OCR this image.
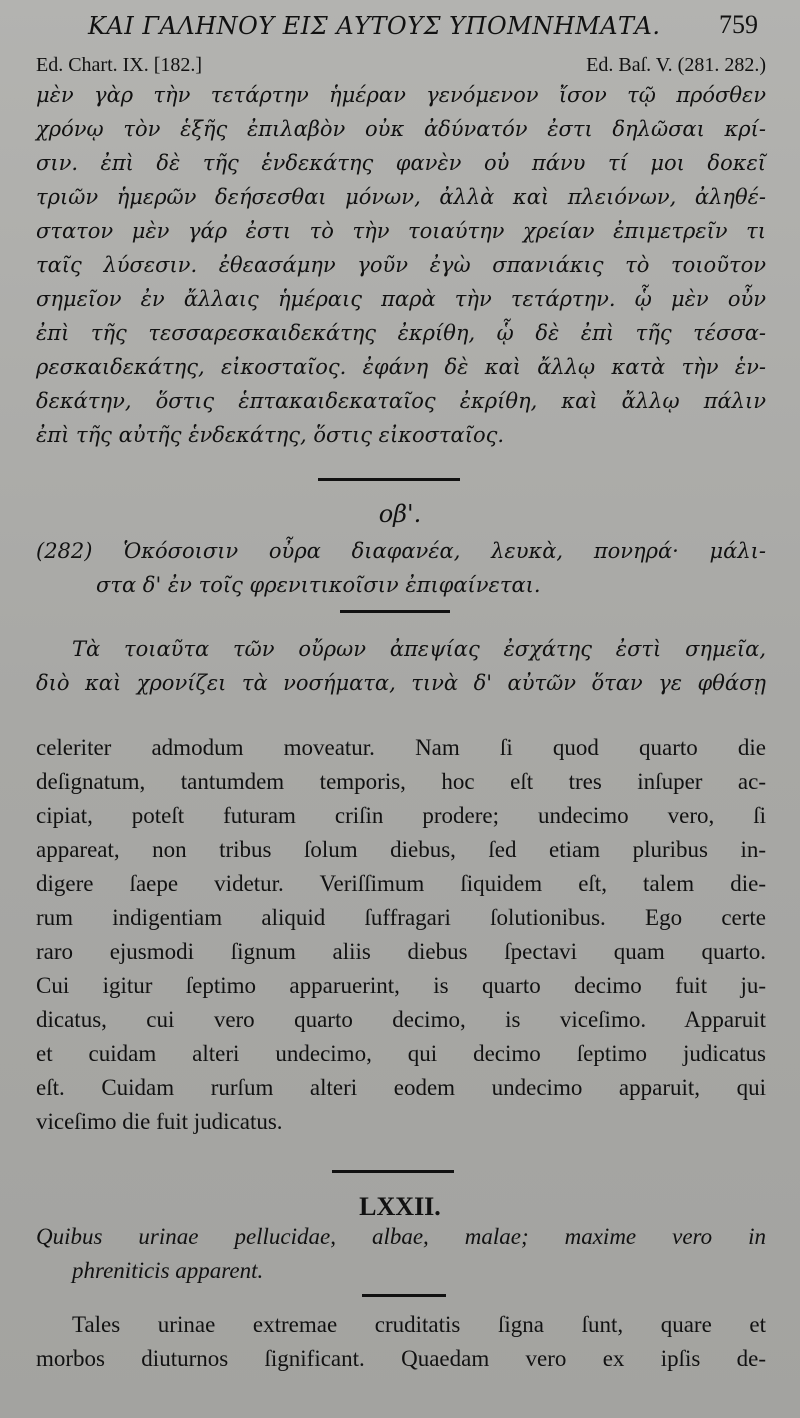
ΚΑΙ ΓΑΛΗΝΟΥ ΕΙΣ ΑΥΤΟΥΣ ΥΠΟΜΝΗΜΑΤΑ. 759
Ed. Chart. IX. [182.]	Ed. Baſ. V. (281. 282.)
μὲν γὰρ τὴν τετάρτην ἡμέραν γενόμενον ἴσον τῷ πρόσθεν
χρόνῳ τὸν ἑξῆς ἐπιλαβὸν οὐκ ἀδύνατόν ἐστι δηλῶσαι κρί-
σιν. ἐπὶ δὲ τῆς ἑνδεκάτης φανὲν οὐ πάνυ τί μοι δοκεῖ
τριῶν ἡμερῶν δεήσεσθαι μόνων, ἀλλὰ καὶ πλειόνων, ἀληθέ-
στατον μὲν γάρ ἐστι τὸ τὴν τοιαύτην χρείαν ἐπιμετρεῖν τι
ταῖς λύσεσιν. ἐθεασάμην γοῦν ἐγὼ σπανιάκις τὸ τοιοῦτον
σημεῖον ἐν ἄλλαις ἡμέραις παρὰ τὴν τετάρτην. ᾧ μὲν οὖν
ἐπὶ τῆς τεσσαρεσκαιδεκάτης ἐκρίθη, ᾧ δὲ ἐπὶ τῆς τέσσα-
ρεσκαιδεκάτης, εἰκοσταῖος. ἐφάνη δὲ καὶ ἄλλῳ κατὰ τὴν ἑν-
δεκάτην, ὅστις ἑπτακαιδεκαταῖος ἐκρίθη, καὶ ἄλλῳ πάλιν
ἐπὶ τῆς αὐτῆς ἑνδεκάτης, ὅστις εἰκοσταῖος.
οβ'.
(282) Ὁκόσοισιν οὖρα διαφανέα, λευκὰ, πονηρά· μάλι-
στα δ' ἐν τοῖς φρενιτικοῖσιν ἐπιφαίνεται.
Τὰ τοιαῦτα τῶν οὔρων ἀπεψίας ἐσχάτης ἐστὶ σημεῖα,
διὸ καὶ χρονίζει τὰ νοσήματα, τινὰ δ' αὐτῶν ὅταν γε φθάσῃ
celeriter admodum moveatur. Nam ſi quod quarto die
deſignatum, tantumdem temporis, hoc eſt tres inſuper ac-
cipiat, poteſt futuram criſin prodere; undecimo vero, ſi
appareat, non tribus ſolum diebus, ſed etiam pluribus in-
digere ſaepe videtur. Veriſſimum ſiquidem eſt, talem die-
rum indigentiam aliquid ſuffragari ſolutionibus. Ego certe
raro ejusmodi ſignum aliis diebus ſpectavi quam quarto.
Cui igitur ſeptimo apparuerint, is quarto decimo fuit ju-
dicatus, cui vero quarto decimo, is viceſimo. Apparuit
et cuidam alteri undecimo, qui decimo ſeptimo judicatus
eſt. Cuidam rurſum alteri eodem undecimo apparuit, qui
viceſimo die fuit judicatus.
LXXII.
Quibus urinae pellucidae, albae, malae; maxime vero in
phreniticis apparent.
Tales urinae extremae cruditatis ſigna ſunt, quare et
morbos diuturnos ſignificant. Quaedam vero ex ipſis de-
